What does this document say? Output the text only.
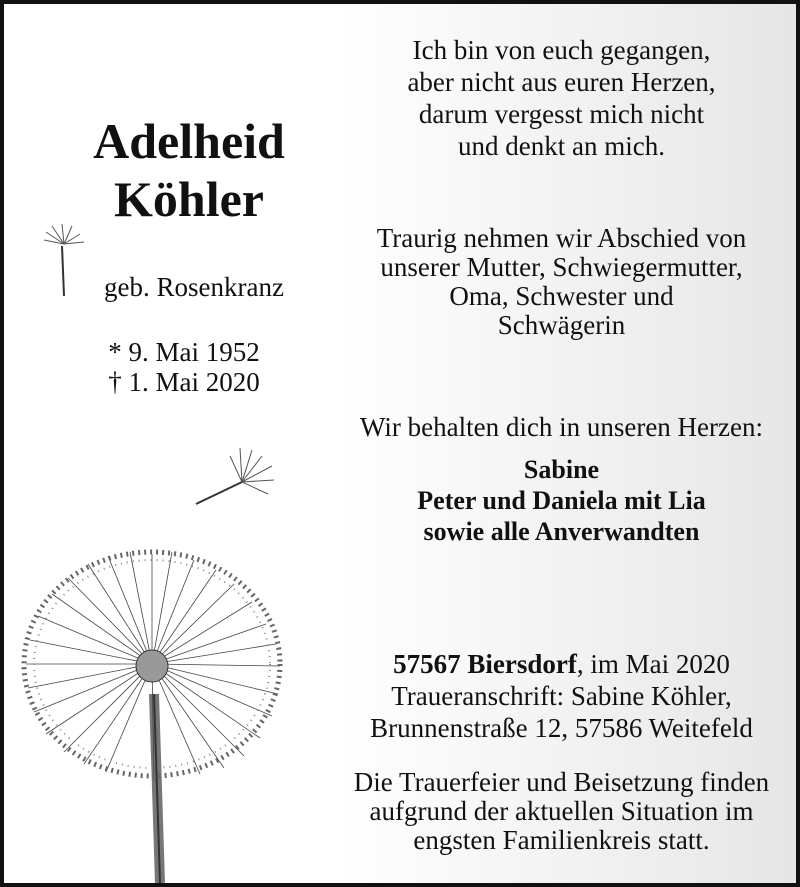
Adelheid
Köhler
geb. Rosenkranz
* 9. Mai 1952
† 1. Mai 2020
Ich bin von euch gegangen,
aber nicht aus euren Herzen,
darum vergesst mich nicht
und denkt an mich.
Traurig nehmen wir Abschied von
unserer Mutter, Schwiegermutter,
Oma, Schwester und
Schwägerin
Wir behalten dich in unseren Herzen:
Sabine
Peter und Daniela mit Lia
sowie alle Anverwandten
57567 Biersdorf, im Mai 2020
Traueranschrift: Sabine Köhler,
Brunnenstraße 12, 57586 Weitefeld
Die Trauerfeier und Beisetzung finden
aufgrund der aktuellen Situation im
engsten Familienkreis statt.
